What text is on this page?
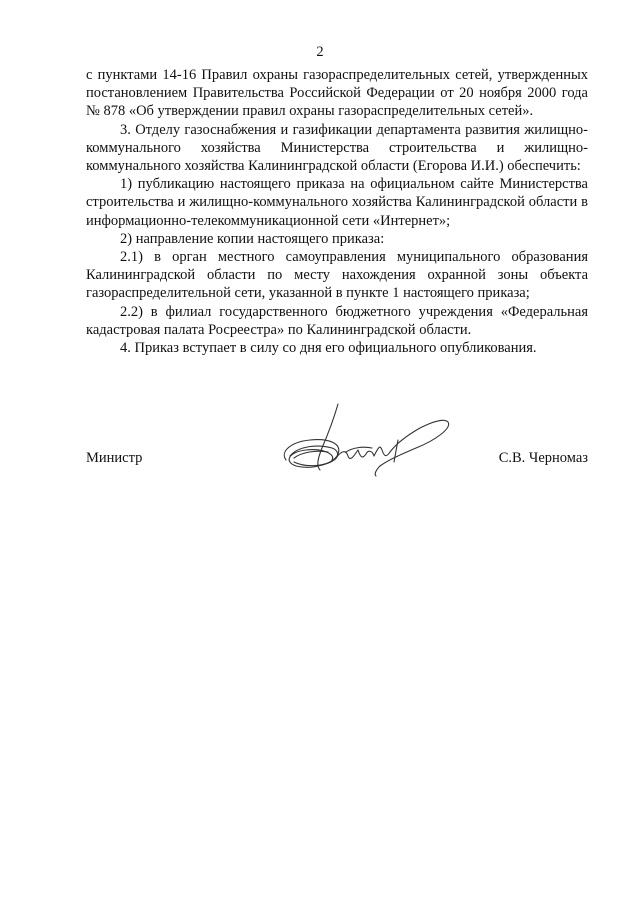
2

с пунктами 14-16 Правил охраны газораспределительных сетей, утвержденных постановлением Правительства Российской Федерации от 20 ноября 2000 года № 878 «Об утверждении правил охраны газораспределительных сетей».

3. Отделу газоснабжения и газификации департамента развития жилищно-коммунального хозяйства Министерства строительства и жилищно-коммунального хозяйства Калининградской области (Егорова И.И.) обеспечить:

1) публикацию настоящего приказа на официальном сайте Министерства строительства и жилищно-коммунального хозяйства Калининградской области в информационно-телекоммуникационной сети «Интернет»;

2) направление копии настоящего приказа:

2.1) в орган местного самоуправления муниципального образования Калининградской области по месту нахождения охранной зоны объекта газораспределительной сети, указанной в пункте 1 настоящего приказа;

2.2) в филиал государственного бюджетного учреждения «Федеральная кадастровая палата Росреестра» по Калининградской области.

4. Приказ вступает в силу со дня его официального опубликования.

Министр	С.В. Черномаз
